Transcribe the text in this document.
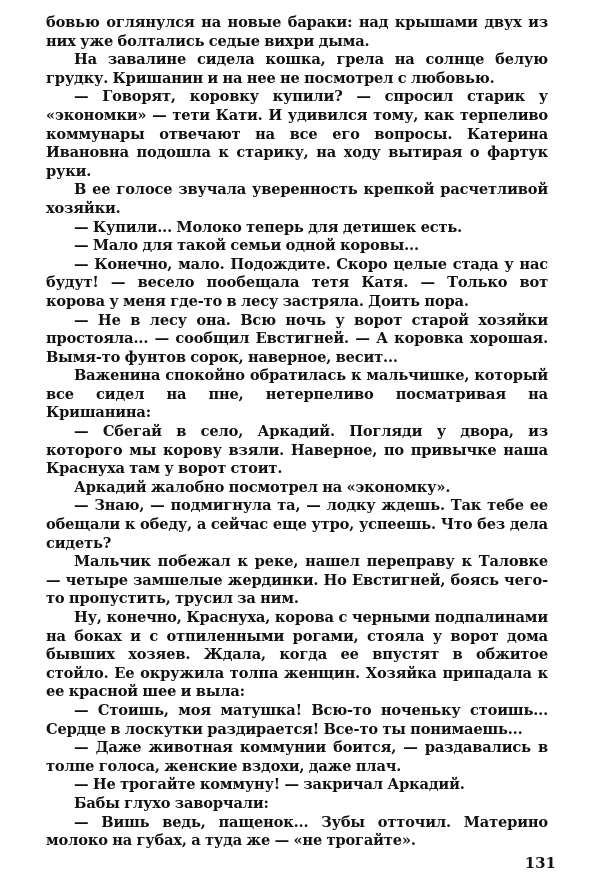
бовью оглянулся на новые бараки: над крышами двух из них уже болтались седые вихри дыма.

На завалине сидела кошка, грела на солнце белую грудку. Кришанин и на нее не посмотрел с любовью.

— Говорят, коровку купили? — спросил старик у «экономки» — тети Кати. И удивился тому, как терпеливо коммунары отвечают на все его вопросы. Катерина Ивановна подошла к старику, на ходу вытирая о фартук руки.

В ее голосе звучала уверенность крепкой расчетливой хозяйки.

— Купили... Молоко теперь для детишек есть.

— Мало для такой семьи одной коровы...

— Конечно, мало. Подождите. Скоро целые стада у нас будут! — весело пообещала тетя Катя. — Только вот корова у меня где-то в лесу застряла. Доить пора.

— Не в лесу она. Всю ночь у ворот старой хозяйки простояла... — сообщил Евстигней. — А коровка хорошая. Вымя-то фунтов сорок, наверное, весит...

Важенина спокойно обратилась к мальчишке, который все сидел на пне, нетерпеливо посматривая на Кришанина:

— Сбегай в село, Аркадий. Погляди у двора, из которого мы корову взяли. Наверное, по привычке наша Краснуха там у ворот стоит.

Аркадий жалобно посмотрел на «экономку».

— Знаю, — подмигнула та, — лодку ждешь. Так тебе ее обещали к обеду, а сейчас еще утро, успеешь. Что без дела сидеть?

Мальчик побежал к реке, нашел переправу к Таловке — четыре замшелые жердинки. Но Евстигней, боясь чего-то пропустить, трусил за ним.

Ну, конечно, Краснуха, корова с черными подпалинами на боках и с отпиленными рогами, стояла у ворот дома бывших хозяев. Ждала, когда ее впустят в обжитое стойло. Ее окружила толпа женщин. Хозяйка припадала к ее красной шее и выла:

— Стоишь, моя матушка! Всю-то ноченьку стоишь... Сердце в лоскутки раздирается! Все-то ты понимаешь...

— Даже животная коммунии боится, — раздавались в толпе голоса, женские вздохи, даже плач.

— Не трогайте коммуну! — закричал Аркадий.

Бабы глухо заворчали:

— Вишь ведь, пащенок... Зубы отточил. Материно молоко на губах, а туда же — «не трогайте».

131
